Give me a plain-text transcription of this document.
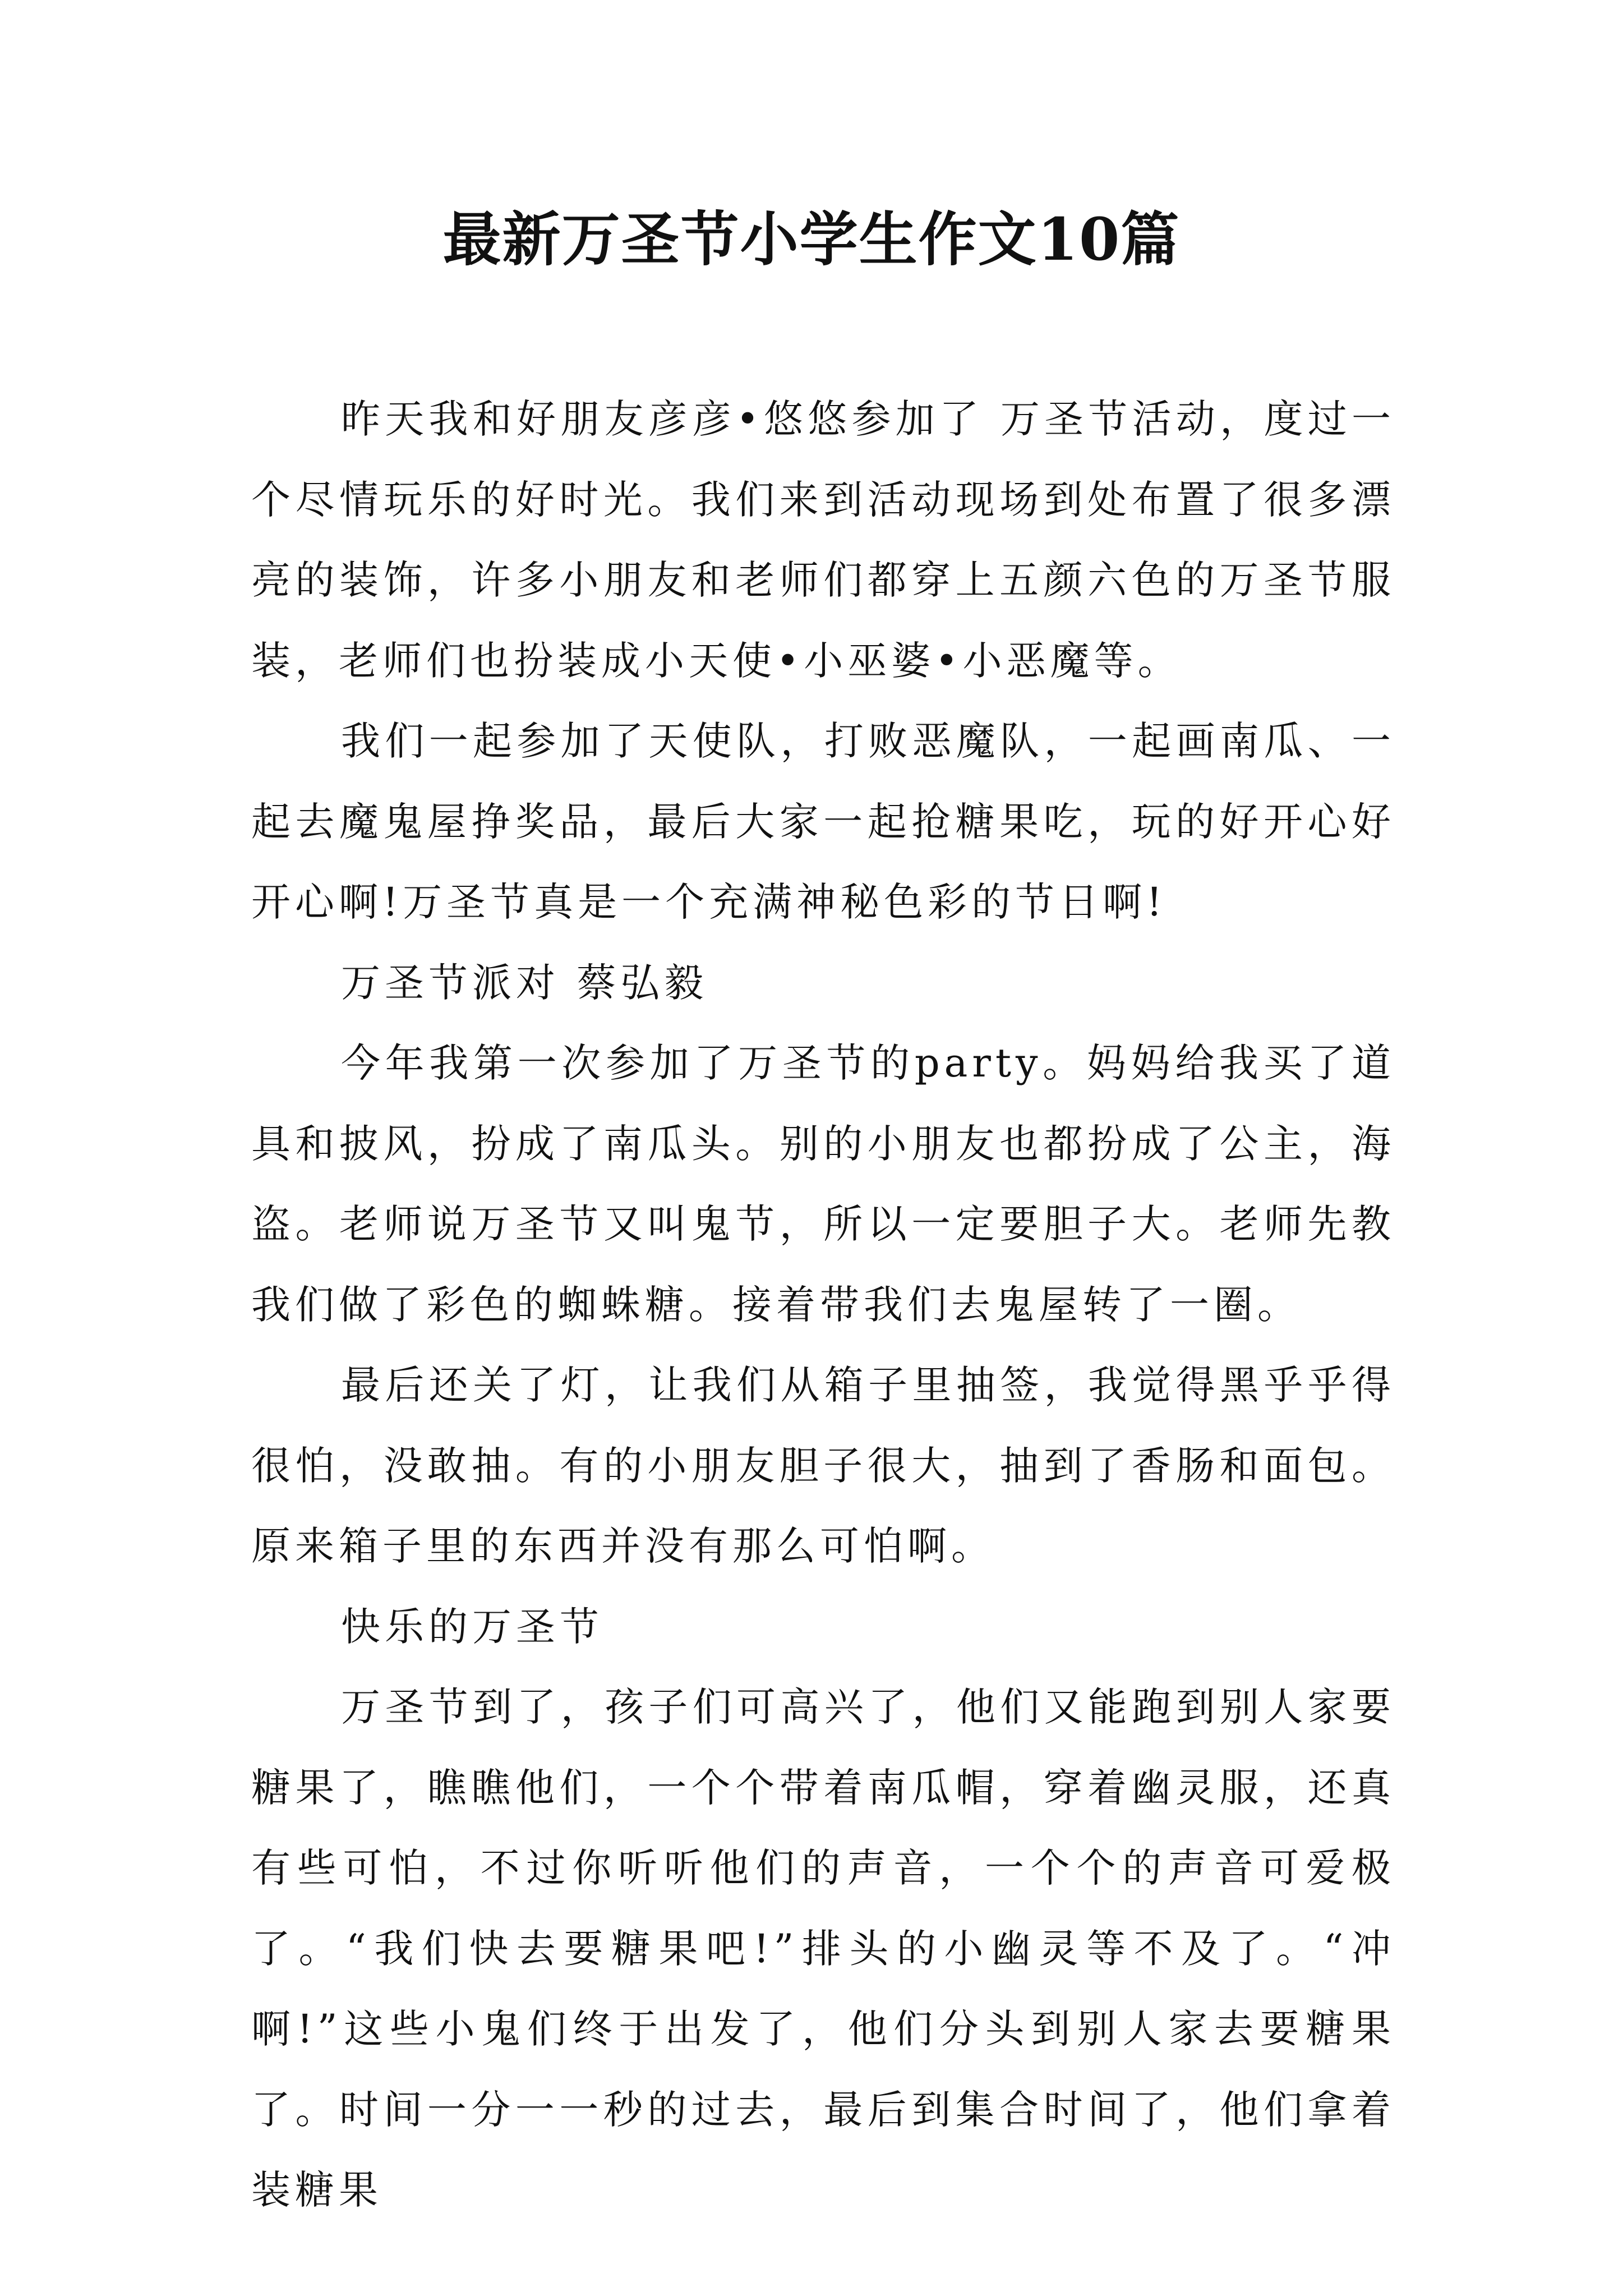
最新万圣节小学生作文10篇

昨天我和好朋友彦彦•悠悠参加了 万圣节活动，度过一个尽情玩乐的好时光。我们来到活动现场到处布置了很多漂亮的装饰，许多小朋友和老师们都穿上五颜六色的万圣节服装，老师们也扮装成小天使•小巫婆•小恶魔等。

我们一起参加了天使队，打败恶魔队，一起画南瓜、一起去魔鬼屋挣奖品，最后大家一起抢糖果吃，玩的好开心好开心啊!万圣节真是一个充满神秘色彩的节日啊!

万圣节派对 蔡弘毅

今年我第一次参加了万圣节的party。妈妈给我买了道具和披风，扮成了南瓜头。别的小朋友也都扮成了公主，海盗。老师说万圣节又叫鬼节，所以一定要胆子大。老师先教我们做了彩色的蜘蛛糖。接着带我们去鬼屋转了一圈。

最后还关了灯，让我们从箱子里抽签，我觉得黑乎乎得很怕，没敢抽。有的小朋友胆子很大，抽到了香肠和面包。原来箱子里的东西并没有那么可怕啊。

快乐的万圣节

万圣节到了，孩子们可高兴了，他们又能跑到别人家要糖果了，瞧瞧他们，一个个带着南瓜帽，穿着幽灵服，还真有些可怕，不过你听听他们的声音，一个个的声音可爱极了。“我们快去要糖果吧!”排头的小幽灵等不及了。“冲啊!”这些小鬼们终于出发了，他们分头到别人家去要糖果了。时间一分一一秒的过去，最后到集合时间了，他们拿着装糖果
